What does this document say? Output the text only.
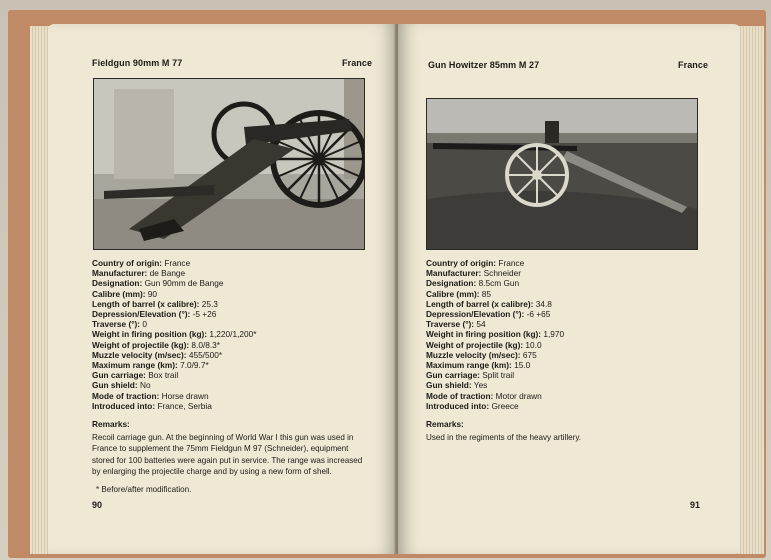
Fieldgun 90mm M 77	France
Country of origin: France
Manufacturer: de Bange
Designation: Gun 90mm de Bange
Calibre (mm): 90
Length of barrel (x calibre): 25.3
Depression/Elevation (°): -5 +26
Traverse (°): 0
Weight in firing position (kg): 1,220/1,200*
Weight of projectile (kg): 8.0/8.3*
Muzzle velocity (m/sec): 455/500*
Maximum range (km): 7.0/9.7*
Gun carriage: Box trail
Gun shield: No
Mode of traction: Horse drawn
Introduced into: France, Serbia
Remarks:
Recoil carriage gun. At the beginning of World War I this gun was used in
France to supplement the 75mm Fieldgun M 97 (Schneider), equipment
stored for 100 batteries were again put in service. The range was increased
by enlarging the projectile charge and by using a new form of shell.
* Before/after modification.
90
Gun Howitzer 85mm M 27	France
Country of origin: France
Manufacturer: Schneider
Designation: 8.5cm Gun
Calibre (mm): 85
Length of barrel (x calibre): 34.8
Depression/Elevation (°): -6 +65
Traverse (°): 54
Weight in firing position (kg): 1,970
Weight of projectile (kg): 10.0
Muzzle velocity (m/sec): 675
Maximum range (km): 15.0
Gun carriage: Split trail
Gun shield: Yes
Mode of traction: Motor drawn
Introduced into: Greece
Remarks:
Used in the regiments of the heavy artillery.
91
